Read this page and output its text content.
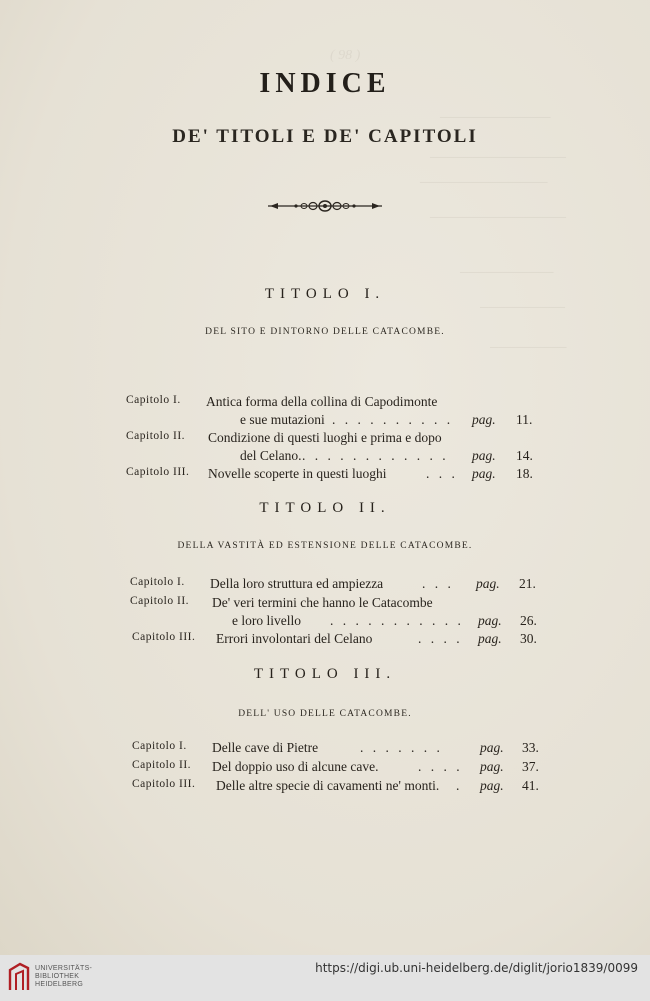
( 98 )
─────────────
────────────────
───────────────
────────────────
───────────
──────────
─────────
INDICE
DE' TITOLI E DE' CAPITOLI
TITOLO I.
DEL SITO E DINTORNO DELLE CATACOMBE.
Capitolo I. Antica forma della collina di Capodimonte
e sue mutazioni . . . . . . . . . . pag. 11.
Capitolo II. Condizione di questi luoghi e prima e dopo
del Celano. . . . . . . . . . . . . pag. 14.
Capitolo III. Novelle scoperte in questi luoghi	. . . pag. 18.
TITOLO II.
DELLA VASTITÀ ED ESTENSIONE DELLE CATACOMBE.
Capitolo I. Della loro struttura ed ampiezza	. . . pag. 21.
Capitolo II. De' veri termini che hanno le Catacombe
e loro livello . . . . . . . . . . . pag. 26.
Capitolo III. Errori involontari del Celano	. . . . pag. 30.
TITOLO III.
DELL' USO DELLE CATACOMBE.
Capitolo I. Delle cave di Pietre	. . . . . . .	pag. 33.
Capitolo II. Del doppio uso di alcune cave.	. . . . pag. 37.
Capitolo III. Delle altre specie di cavamenti ne' monti. . pag. 41.
UNIVERSITÄTS-
BIBLIOTHEK
HEIDELBERG
https://digi.ub.uni-heidelberg.de/diglit/jorio1839/0099
